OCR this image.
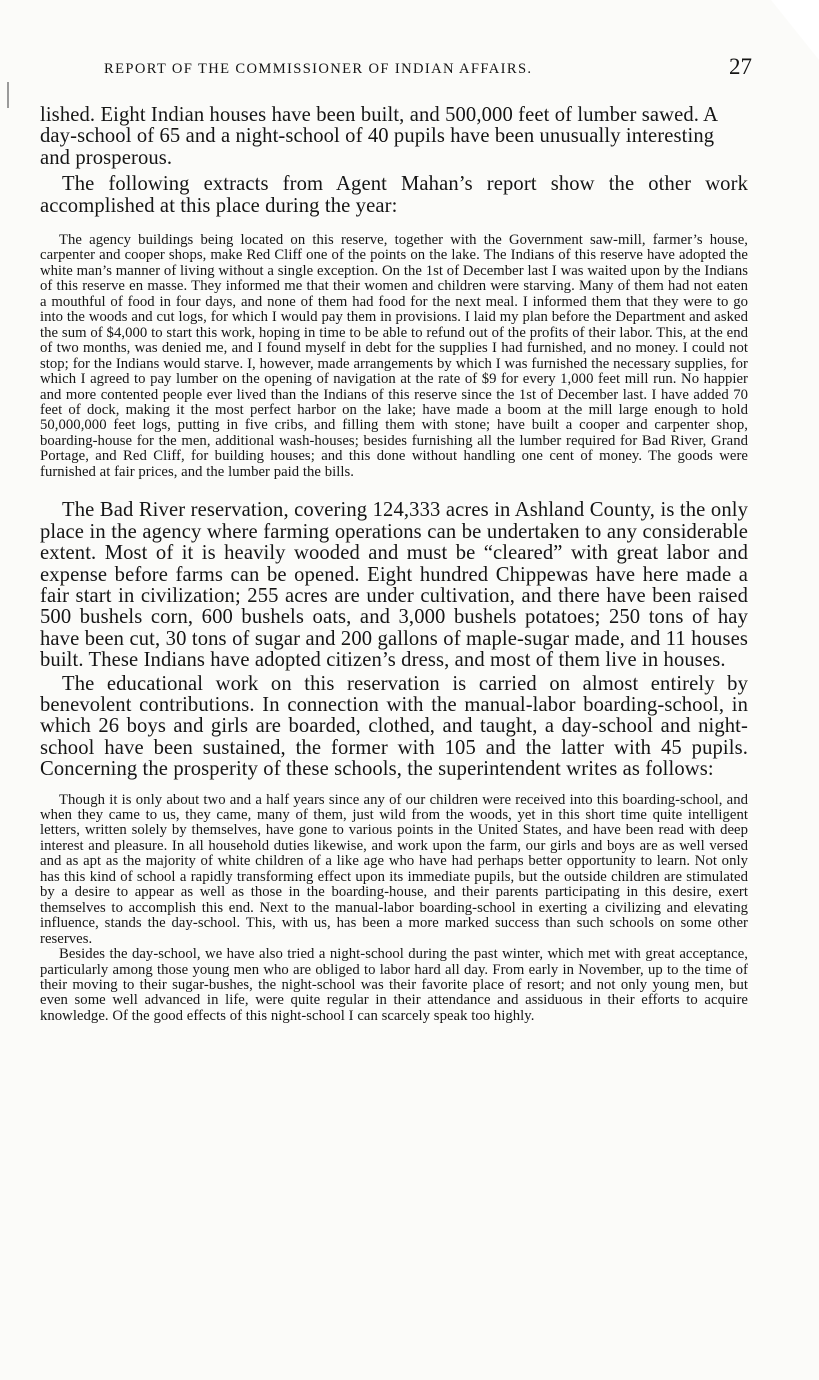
REPORT OF THE COMMISSIONER OF INDIAN AFFAIRS.	27

lished. Eight Indian houses have been built, and 500,000 feet of lumber sawed. A day-school of 65 and a night-school of 40 pupils have been unusually interesting and prosperous.

The following extracts from Agent Mahan’s report show the other work accomplished at this place during the year:

The agency buildings being located on this reserve, together with the Government saw-mill, farmer’s house, carpenter and cooper shops, make Red Cliff one of the points on the lake. The Indians of this reserve have adopted the white man’s manner of living without a single exception. On the 1st of December last I was waited upon by the Indians of this reserve en masse. They informed me that their women and children were starving. Many of them had not eaten a mouthful of food in four days, and none of them had food for the next meal. I informed them that they were to go into the woods and cut logs, for which I would pay them in provisions. I laid my plan before the Department and asked the sum of $4,000 to start this work, hoping in time to be able to refund out of the profits of their labor. This, at the end of two months, was denied me, and I found myself in debt for the supplies I had furnished, and no money. I could not stop; for the Indians would starve. I, however, made arrangements by which I was furnished the necessary supplies, for which I agreed to pay lumber on the opening of navigation at the rate of $9 for every 1,000 feet mill run. No happier and more contented people ever lived than the Indians of this reserve since the 1st of December last. I have added 70 feet of dock, making it the most perfect harbor on the lake; have made a boom at the mill large enough to hold 50,000,000 feet logs, putting in five cribs, and filling them with stone; have built a cooper and carpenter shop, boarding-house for the men, additional wash-houses; besides furnishing all the lumber required for Bad River, Grand Portage, and Red Cliff, for building houses; and this done without handling one cent of money. The goods were furnished at fair prices, and the lumber paid the bills.

The Bad River reservation, covering 124,333 acres in Ashland County, is the only place in the agency where farming operations can be undertaken to any considerable extent. Most of it is heavily wooded and must be “cleared” with great labor and expense before farms can be opened. Eight hundred Chippewas have here made a fair start in civilization; 255 acres are under cultivation, and there have been raised 500 bushels corn, 600 bushels oats, and 3,000 bushels potatoes; 250 tons of hay have been cut, 30 tons of sugar and 200 gallons of maple-sugar made, and 11 houses built. These Indians have adopted citizen’s dress, and most of them live in houses.

The educational work on this reservation is carried on almost entirely by benevolent contributions. In connection with the manual-labor boarding-school, in which 26 boys and girls are boarded, clothed, and taught, a day-school and night-school have been sustained, the former with 105 and the latter with 45 pupils. Concerning the prosperity of these schools, the superintendent writes as follows:

Though it is only about two and a half years since any of our children were received into this boarding-school, and when they came to us, they came, many of them, just wild from the woods, yet in this short time quite intelligent letters, written solely by themselves, have gone to various points in the United States, and have been read with deep interest and pleasure. In all household duties likewise, and work upon the farm, our girls and boys are as well versed and as apt as the majority of white children of a like age who have had perhaps better opportunity to learn. Not only has this kind of school a rapidly transforming effect upon its immediate pupils, but the outside children are stimulated by a desire to appear as well as those in the boarding-house, and their parents participating in this desire, exert themselves to accomplish this end. Next to the manual-labor boarding-school in exerting a civilizing and elevating influence, stands the day-school. This, with us, has been a more marked success than such schools on some other reserves.

Besides the day-school, we have also tried a night-school during the past winter, which met with great acceptance, particularly among those young men who are obliged to labor hard all day. From early in November, up to the time of their moving to their sugar-bushes, the night-school was their favorite place of resort; and not only young men, but even some well advanced in life, were quite regular in their attendance and assiduous in their efforts to acquire knowledge. Of the good effects of this night-school I can scarcely speak too highly.
